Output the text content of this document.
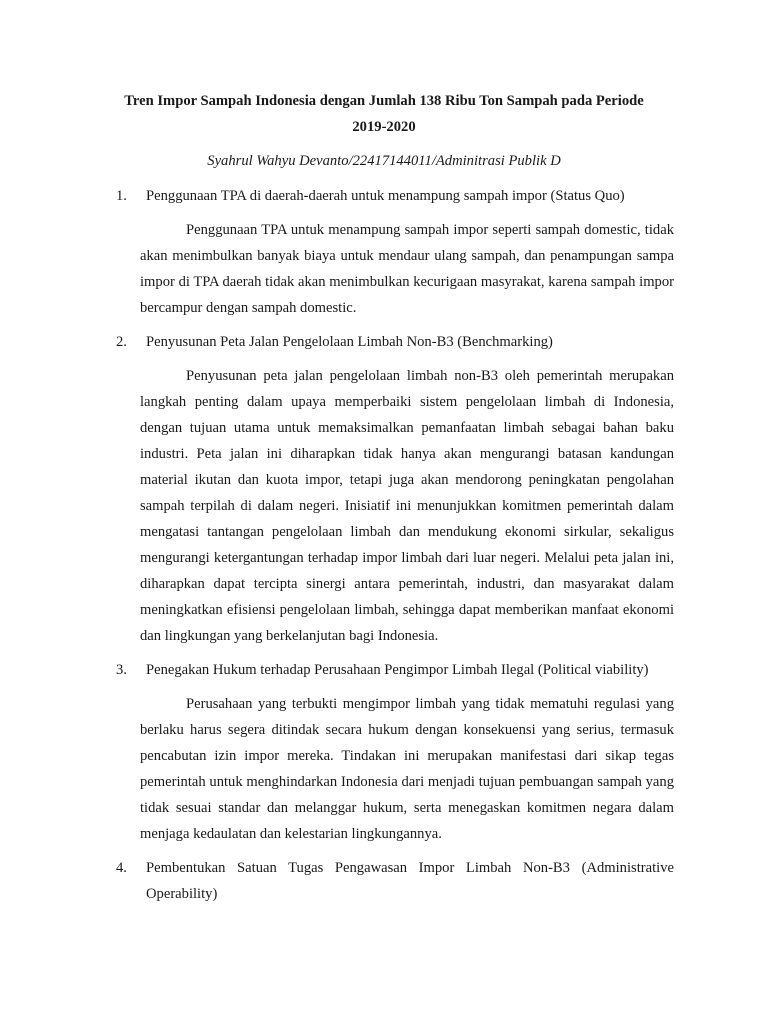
Tren Impor Sampah Indonesia dengan Jumlah 138 Ribu Ton Sampah pada Periode
2019-2020

Syahrul Wahyu Devanto/22417144011/Adminitrasi Publik D

1.	Penggunaan TPA di daerah-daerah untuk menampung sampah impor (Status Quo)

Penggunaan TPA untuk menampung sampah impor seperti sampah domestic, tidak akan menimbulkan banyak biaya untuk mendaur ulang sampah, dan penampungan sampa impor di TPA daerah tidak akan menimbulkan kecurigaan masyrakat, karena sampah impor bercampur dengan sampah domestic.

2.	Penyusunan Peta Jalan Pengelolaan Limbah Non-B3 (Benchmarking)

Penyusunan peta jalan pengelolaan limbah non-B3 oleh pemerintah merupakan langkah penting dalam upaya memperbaiki sistem pengelolaan limbah di Indonesia, dengan tujuan utama untuk memaksimalkan pemanfaatan limbah sebagai bahan baku industri. Peta jalan ini diharapkan tidak hanya akan mengurangi batasan kandungan material ikutan dan kuota impor, tetapi juga akan mendorong peningkatan pengolahan sampah terpilah di dalam negeri. Inisiatif ini menunjukkan komitmen pemerintah dalam mengatasi tantangan pengelolaan limbah dan mendukung ekonomi sirkular, sekaligus mengurangi ketergantungan terhadap impor limbah dari luar negeri. Melalui peta jalan ini, diharapkan dapat tercipta sinergi antara pemerintah, industri, dan masyarakat dalam meningkatkan efisiensi pengelolaan limbah, sehingga dapat memberikan manfaat ekonomi dan lingkungan yang berkelanjutan bagi Indonesia.

3.	Penegakan Hukum terhadap Perusahaan Pengimpor Limbah Ilegal (Political viability)

Perusahaan yang terbukti mengimpor limbah yang tidak mematuhi regulasi yang berlaku harus segera ditindak secara hukum dengan konsekuensi yang serius, termasuk pencabutan izin impor mereka. Tindakan ini merupakan manifestasi dari sikap tegas pemerintah untuk menghindarkan Indonesia dari menjadi tujuan pembuangan sampah yang tidak sesuai standar dan melanggar hukum, serta menegaskan komitmen negara dalam menjaga kedaulatan dan kelestarian lingkungannya.

4.	Pembentukan Satuan Tugas Pengawasan Impor Limbah Non-B3 (Administrative Operability)
